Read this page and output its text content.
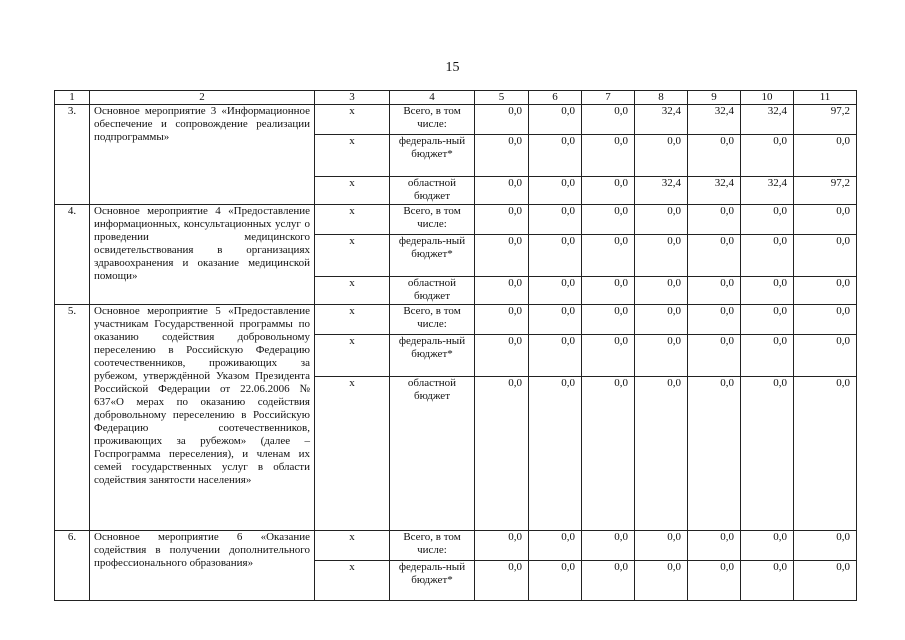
15
1	2	3	4	5	6	7	8	9	10	11
3.	Основное мероприятие 3 «Информационное обеспечение и сопровождение реализации подпрограммы»	x	Всего, в том числе:	0,0	0,0	0,0	32,4	32,4	32,4	97,2
		x	федераль-ный бюджет*	0,0	0,0	0,0	0,0	0,0	0,0	0,0
		x	областной бюджет	0,0	0,0	0,0	32,4	32,4	32,4	97,2
4.	Основное мероприятие 4 «Предоставление информационных, консультационных услуг о проведении медицинского освидетельствования в организациях здравоохранения и оказание медицинской помощи»	x	Всего, в том числе:	0,0	0,0	0,0	0,0	0,0	0,0	0,0
		x	федераль-ный бюджет*	0,0	0,0	0,0	0,0	0,0	0,0	0,0
		x	областной бюджет	0,0	0,0	0,0	0,0	0,0	0,0	0,0
5.	Основное мероприятие 5 «Предоставление участникам Государственной программы по оказанию содействия добровольному переселению в Российскую Федерацию соотечественников, проживающих за рубежом, утверждённой Указом Президента Российской Федерации от 22.06.2006 № 637«О мерах по оказанию содействия добровольному переселению в Российскую Федерацию соотечественников, проживающих за рубежом» (далее – Госпрограмма переселения), и членам их семей государственных услуг в области содействия занятости населения»	x	Всего, в том числе:	0,0	0,0	0,0	0,0	0,0	0,0	0,0
		x	федераль-ный бюджет*	0,0	0,0	0,0	0,0	0,0	0,0	0,0
		x	областной бюджет	0,0	0,0	0,0	0,0	0,0	0,0	0,0
6.	Основное мероприятие 6 «Оказание содействия в получении дополнительного профессионального образования»	x	Всего, в том числе:	0,0	0,0	0,0	0,0	0,0	0,0	0,0
		x	федераль-ный бюджет*	0,0	0,0	0,0	0,0	0,0	0,0	0,0
